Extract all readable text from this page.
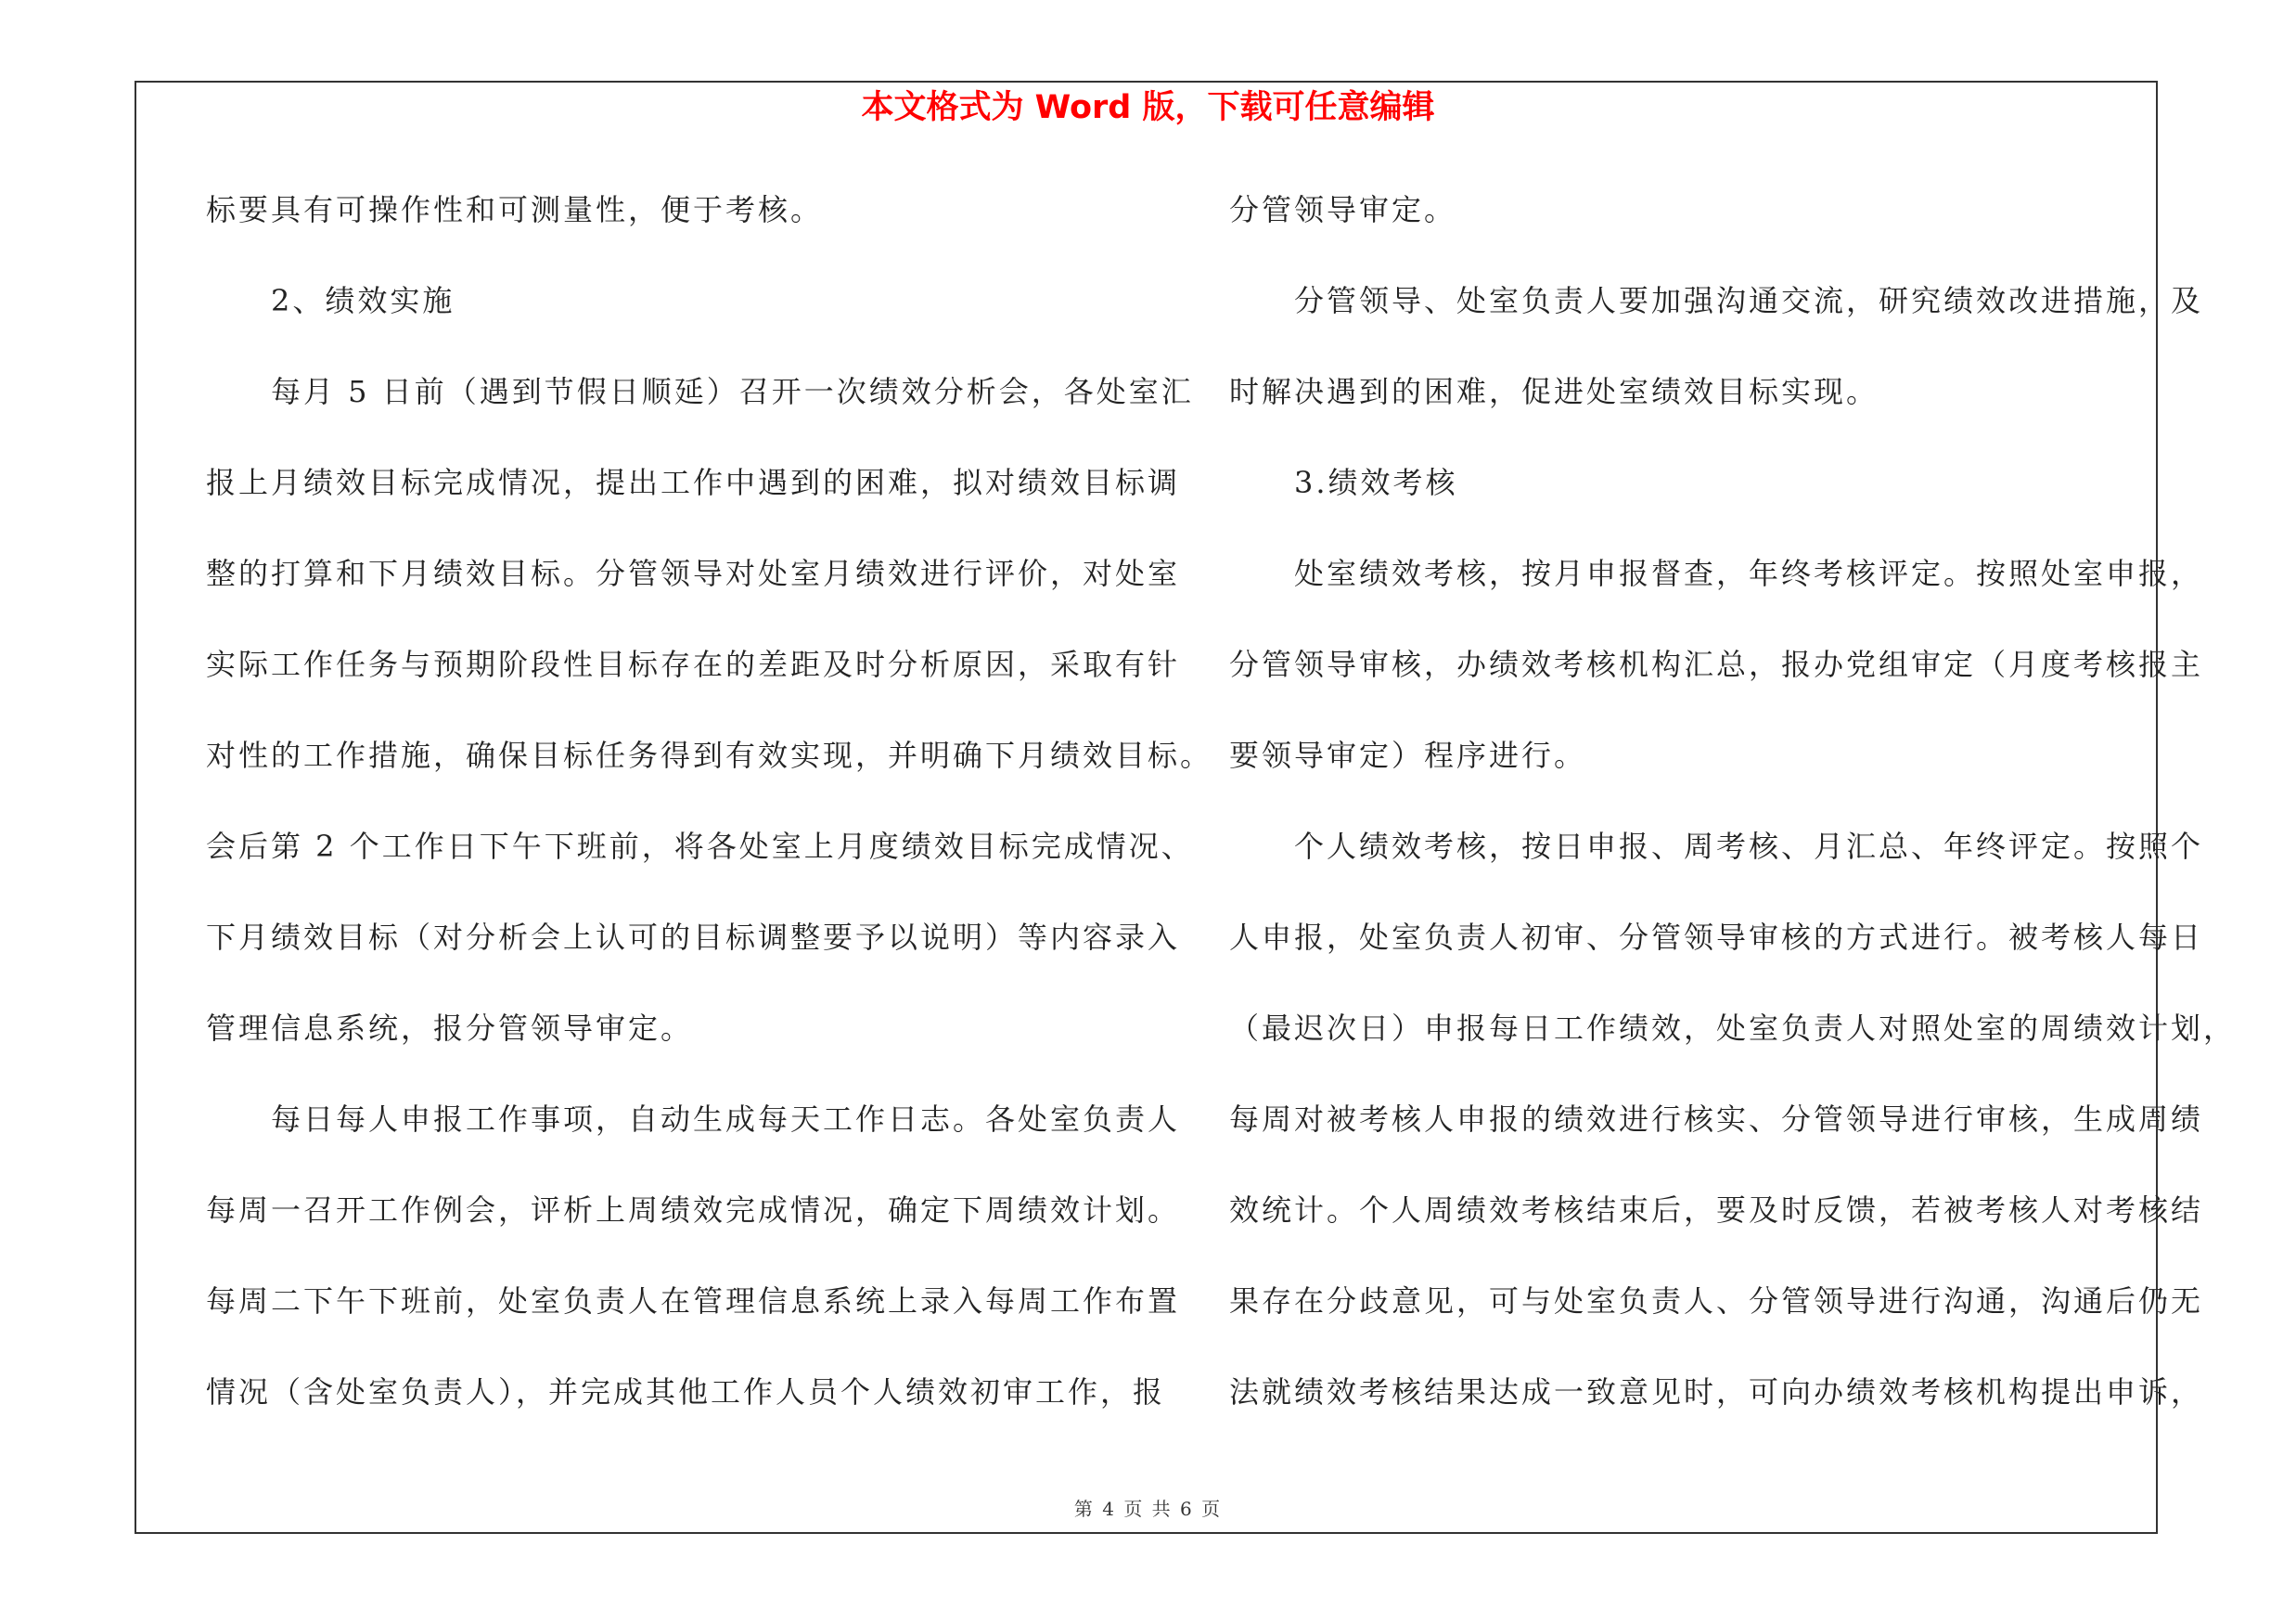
本文格式为 Word 版，下载可任意编辑
标要具有可操作性和可测量性，便于考核。
　　2、绩效实施
　　每月 5 日前（遇到节假日顺延）召开一次绩效分析会，各处室汇
报上月绩效目标完成情况，提出工作中遇到的困难，拟对绩效目标调
整的打算和下月绩效目标。分管领导对处室月绩效进行评价，对处室
实际工作任务与预期阶段性目标存在的差距及时分析原因，采取有针
对性的工作措施，确保目标任务得到有效实现，并明确下月绩效目标。
会后第 2 个工作日下午下班前，将各处室上月度绩效目标完成情况、
下月绩效目标（对分析会上认可的目标调整要予以说明）等内容录入
管理信息系统，报分管领导审定。
　　每日每人申报工作事项，自动生成每天工作日志。各处室负责人
每周一召开工作例会，评析上周绩效完成情况，确定下周绩效计划。
每周二下午下班前，处室负责人在管理信息系统上录入每周工作布置
情况（含处室负责人），并完成其他工作人员个人绩效初审工作，报
分管领导审定。
　　分管领导、处室负责人要加强沟通交流，研究绩效改进措施，及
时解决遇到的困难，促进处室绩效目标实现。
　　3.绩效考核
　　处室绩效考核，按月申报督查，年终考核评定。按照处室申报，
分管领导审核，办绩效考核机构汇总，报办党组审定（月度考核报主
要领导审定）程序进行。
　　个人绩效考核，按日申报、周考核、月汇总、年终评定。按照个
人申报，处室负责人初审、分管领导审核的方式进行。被考核人每日
（最迟次日）申报每日工作绩效，处室负责人对照处室的周绩效计划，
每周对被考核人申报的绩效进行核实、分管领导进行审核，生成周绩
效统计。个人周绩效考核结束后，要及时反馈，若被考核人对考核结
果存在分歧意见，可与处室负责人、分管领导进行沟通，沟通后仍无
法就绩效考核结果达成一致意见时，可向办绩效考核机构提出申诉，
第 4 页 共 6 页
